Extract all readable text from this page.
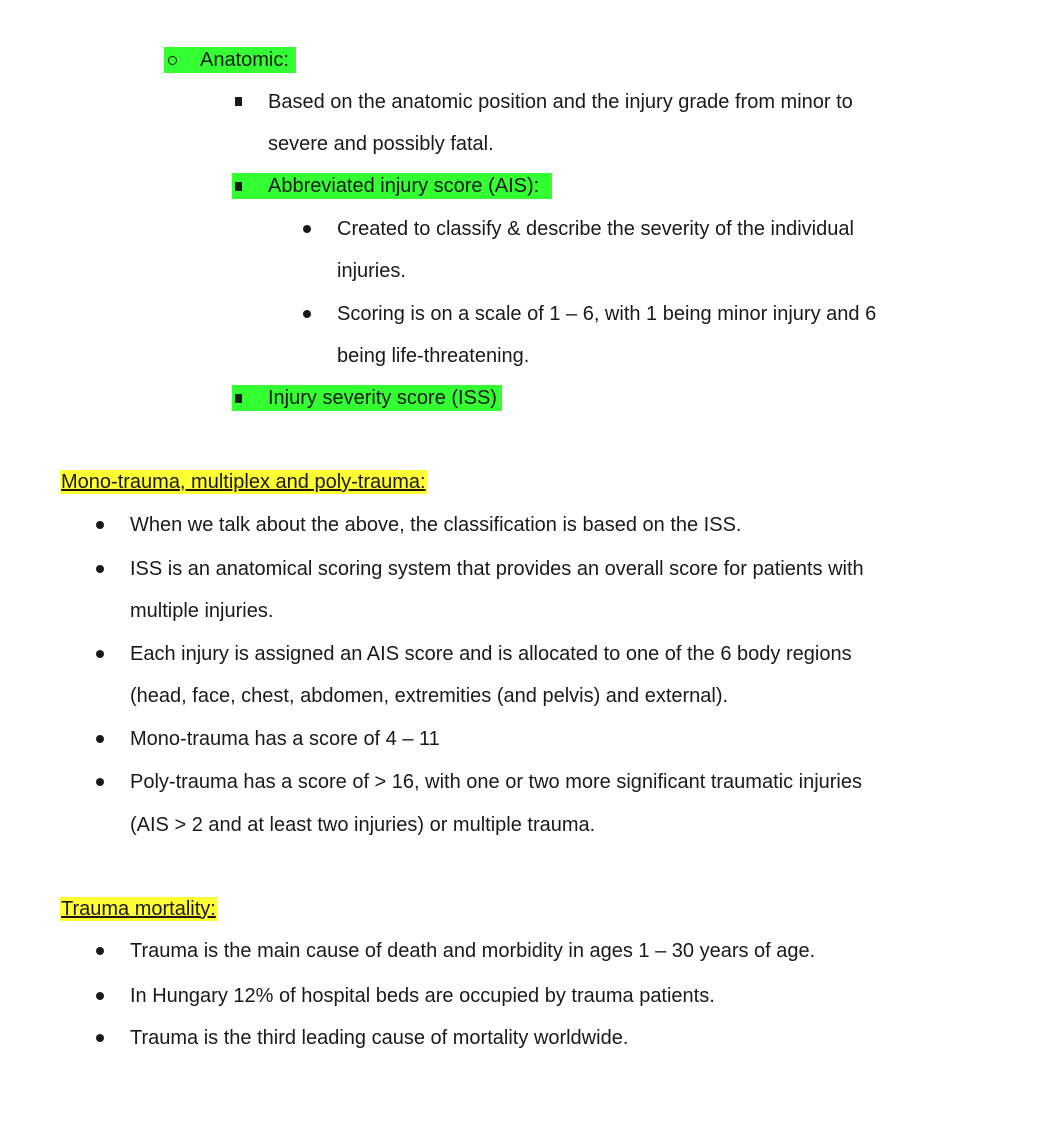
Anatomic:
Based on the anatomic position and the injury grade from minor to
severe and possibly fatal.
Abbreviated injury score (AIS):
Created to classify & describe the severity of the individual
injuries.
Scoring is on a scale of 1 – 6, with 1 being minor injury and 6
being life-threatening.
Injury severity score (ISS)
Mono-trauma, multiplex and poly-trauma:
When we talk about the above, the classification is based on the ISS.
ISS is an anatomical scoring system that provides an overall score for patients with
multiple injuries.
Each injury is assigned an AIS score and is allocated to one of the 6 body regions
(head, face, chest, abdomen, extremities (and pelvis) and external).
Mono-trauma has a score of 4 – 11
Poly-trauma has a score of > 16, with one or two more significant traumatic injuries
(AIS > 2 and at least two injuries) or multiple trauma.
Trauma mortality:
Trauma is the main cause of death and morbidity in ages 1 – 30 years of age.
In Hungary 12% of hospital beds are occupied by trauma patients.
Trauma is the third leading cause of mortality worldwide.
